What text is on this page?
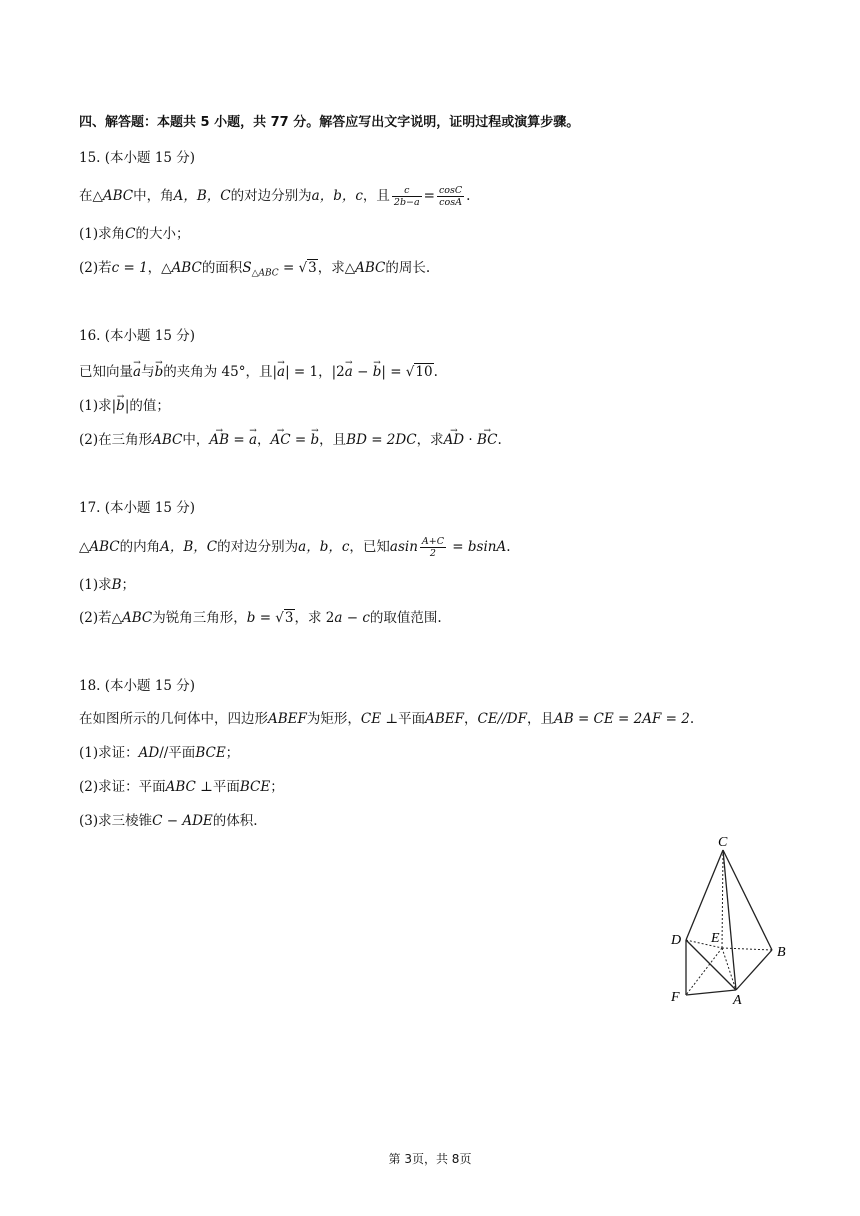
四、解答题：本题共 5 小题，共 77 分。解答应写出文字说明，证明过程或演算步骤。
15. (本小题 15 分)
在△ABC中，角A，B，C的对边分别为a，b，c，且 $\frac{c}{2b-a} = \frac{\cos C}{\cos A}$ .
(1)求角C的大小；
(2)若c = 1，△ABC的面积$S_{\triangle ABC} = √3$，求△ABC的周长.
16. (本小题 15 分)
已知向量→ a与→ b的夹角为 45°，且|→ a| = 1，|2→ a − → b| = √10.
(1)求|→ b|的值；
(2)在三角形ABC中，→ AB = → a，→ AC = → b，且BD = 2DC，求→ AD · → BC.
17. (本小题 15 分)
△ABC的内角A，B，C的对边分别为a，b，c，已知asin $\frac{A+C}{2} = bsinA$.
(1)求B；
(2)若△ABC为锐角三角形，b = √3，求 2a − c的取值范围.
18. (本小题 15 分)
在如图所示的几何体中，四边形ABEF为矩形，CE ⊥平面ABEF，CE//DF，且AB = CE = 2AF = 2.
(1)求证：AD//平面BCE；
(2)求证：平面ABC ⊥平面BCE；
(3)求三棱锥C − ADE的体积.
C
D E
B
F	A
第 3页，共 8页
